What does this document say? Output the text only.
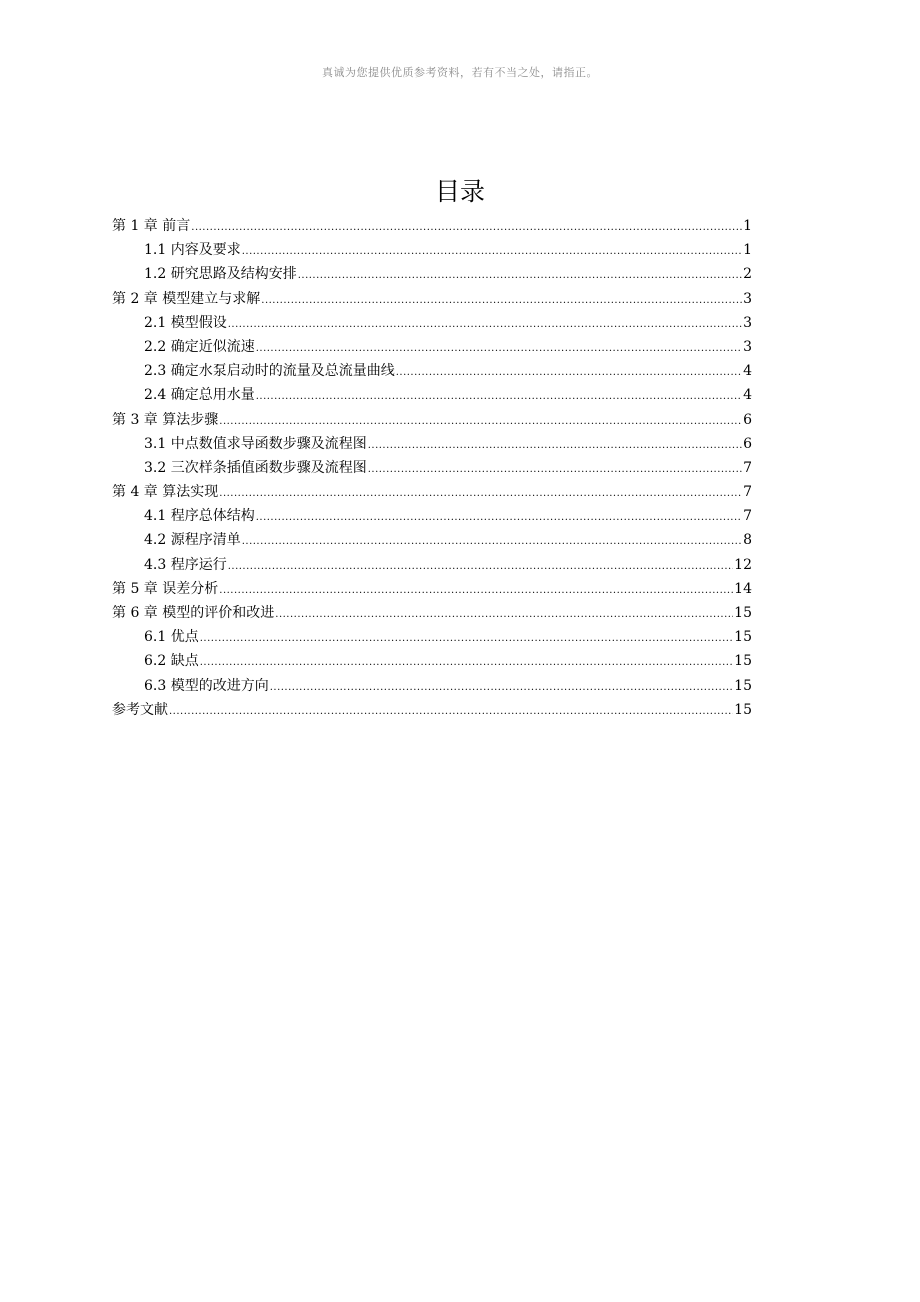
真诚为您提供优质参考资料，若有不当之处，请指正。
目录
第 1 章 前言 .....	1
1.1 内容及要求 .....	1
1.2 研究思路及结构安排 .....	2
第 2 章 模型建立与求解 .....	3
2.1 模型假设 .....	3
2.2 确定近似流速 .....	3
2.3 确定水泵启动时的流量及总流量曲线 .....	4
2.4 确定总用水量 .....	4
第 3 章 算法步骤 .....	6
3.1 中点数值求导函数步骤及流程图 .....	6
3.2 三次样条插值函数步骤及流程图 .....	7
第 4 章 算法实现 .....	7
4.1 程序总体结构 .....	7
4.2 源程序清单 .....	8
4.3 程序运行 .....	12
第 5 章 误差分析 .....	14
第 6 章 模型的评价和改进 .....	15
6.1 优点 .....	15
6.2 缺点 .....	15
6.3 模型的改进方向 .....	15
参考文献 .....	15
